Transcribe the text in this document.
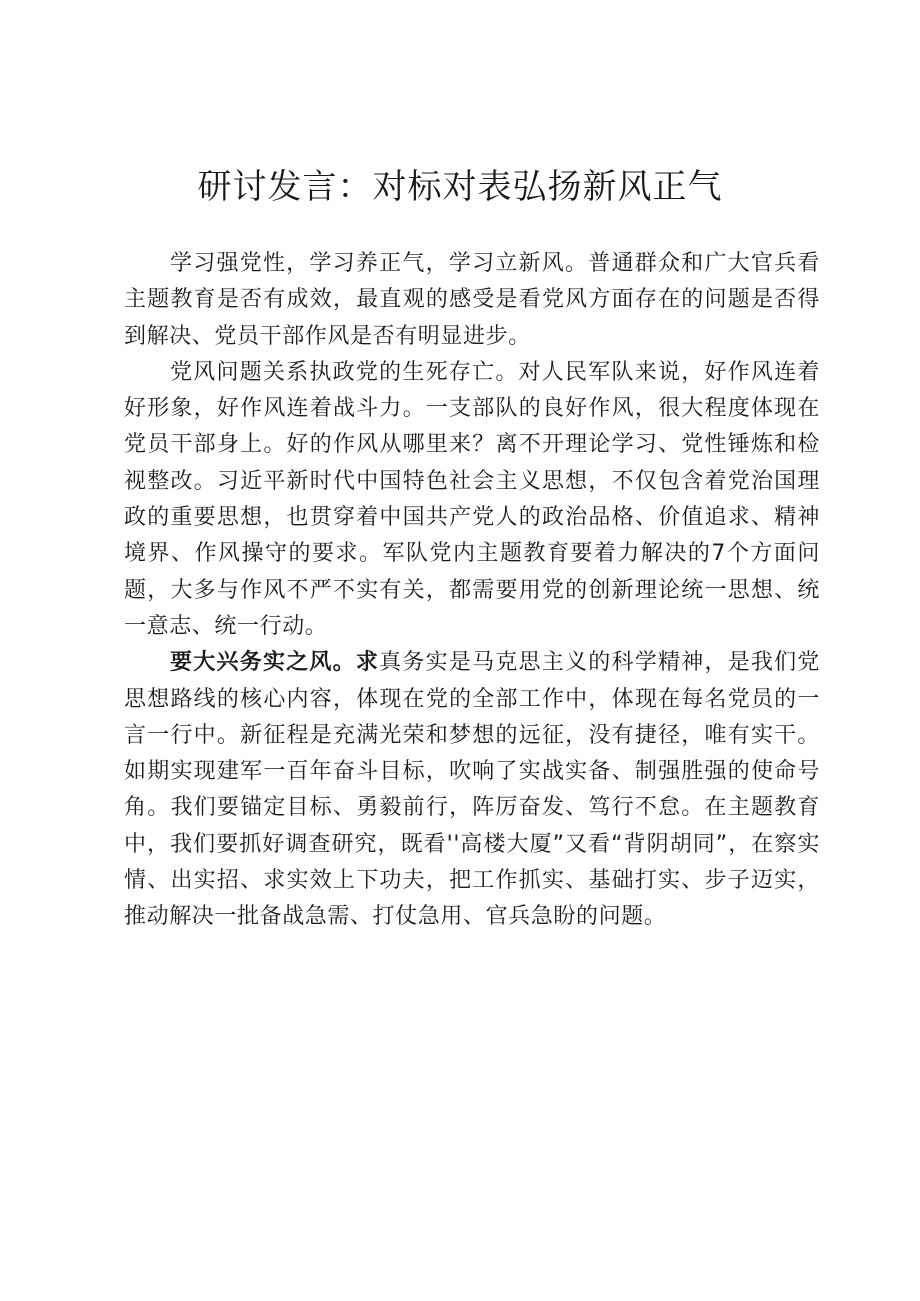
研讨发言：对标对表弘扬新风正气

学习强党性，学习养正气，学习立新风。普通群众和广大官兵看主题教育是否有成效，最直观的感受是看党风方面存在的问题是否得到解决、党员干部作风是否有明显进步。

党风问题关系执政党的生死存亡。对人民军队来说，好作风连着好形象，好作风连着战斗力。一支部队的良好作风，很大程度体现在党员干部身上。好的作风从哪里来？离不开理论学习、党性锤炼和检视整改。习近平新时代中国特色社会主义思想，不仅包含着党治国理政的重要思想，也贯穿着中国共产党人的政治品格、价值追求、精神境界、作风操守的要求。军队党内主题教育要着力解决的7个方面问题，大多与作风不严不实有关，都需要用党的创新理论统一思想、统一意志、统一行动。

要大兴务实之风。求真务实是马克思主义的科学精神，是我们党思想路线的核心内容，体现在党的全部工作中，体现在每名党员的一言一行中。新征程是充满光荣和梦想的远征，没有捷径，唯有实干。如期实现建军一百年奋斗目标，吹响了实战实备、制强胜强的使命号角。我们要锚定目标、勇毅前行，阵厉奋发、笃行不怠。在主题教育中，我们要抓好调查研究，既看''高楼大厦”又看“背阴胡同”，在察实情、出实招、求实效上下功夫，把工作抓实、基础打实、步子迈实，推动解决一批备战急需、打仗急用、官兵急盼的问题。
